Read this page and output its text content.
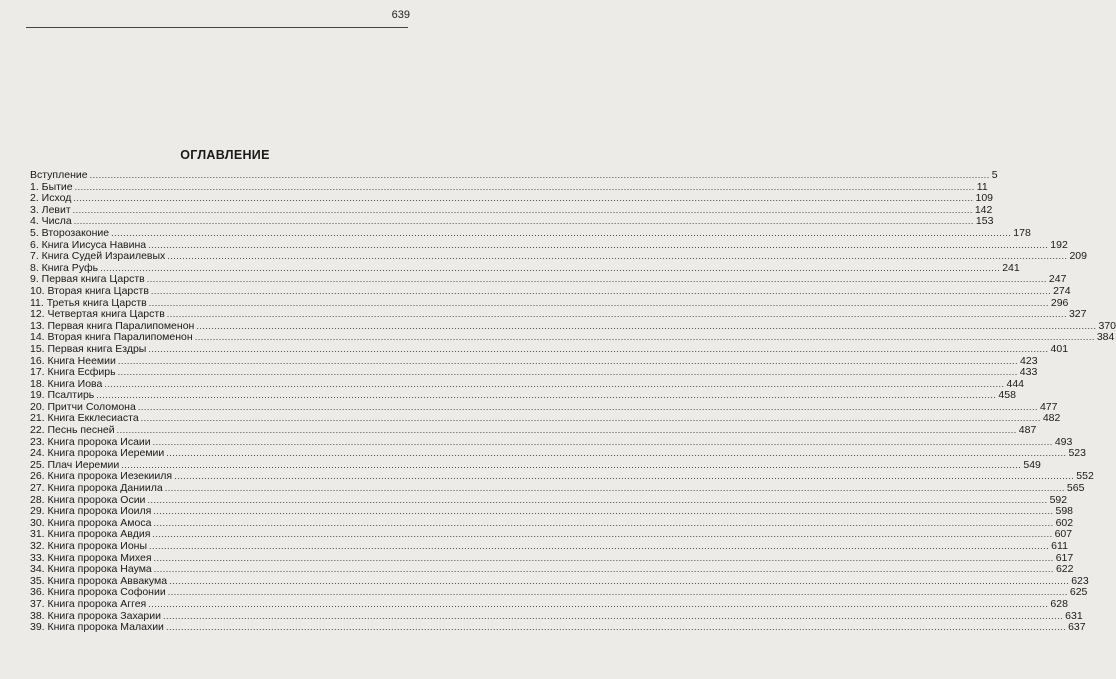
639
ОГЛАВЛЕНИЕ
Вступление ............................................................................................................................................................................................................................................................................................................ 5
1. Бытие ............................................................................................................................................................................................................................................................................................................ 11
2. Исход ............................................................................................................................................................................................................................................................................................................ 109
3. Левит ............................................................................................................................................................................................................................................................................................................ 142
4. Числа ............................................................................................................................................................................................................................................................................................................ 153
5. Второзаконие ............................................................................................................................................................................................................................................................................................................ 178
6. Книга Иисуса Навина ............................................................................................................................................................................................................................................................................................................ 192
7. Книга Судей Израилевых ............................................................................................................................................................................................................................................................................................................ 209
8. Книга Руфь ............................................................................................................................................................................................................................................................................................................ 241
9. Первая книга Царств ............................................................................................................................................................................................................................................................................................................ 247
10. Вторая книга Царств ............................................................................................................................................................................................................................................................................................................ 274
11. Третья книга Царств ............................................................................................................................................................................................................................................................................................................ 296
12. Четвертая книга Царств ............................................................................................................................................................................................................................................................................................................ 327
13. Первая книга Паралипоменон ............................................................................................................................................................................................................................................................................................................ 370
14. Вторая книга Паралипоменон ............................................................................................................................................................................................................................................................................................................ 384
15. Первая книга Ездры ............................................................................................................................................................................................................................................................................................................ 401
16. Книга Неемии ............................................................................................................................................................................................................................................................................................................ 423
17. Книга Есфирь ............................................................................................................................................................................................................................................................................................................ 433
18. Книга Иова ............................................................................................................................................................................................................................................................................................................ 444
19. Псалтирь ............................................................................................................................................................................................................................................................................................................ 458
20. Притчи Соломона ............................................................................................................................................................................................................................................................................................................ 477
21. Книга Екклесиаста ............................................................................................................................................................................................................................................................................................................ 482
22. Песнь песней ............................................................................................................................................................................................................................................................................................................ 487
23. Книга пророка Исаии ............................................................................................................................................................................................................................................................................................................ 493
24. Книга пророка Иеремии ............................................................................................................................................................................................................................................................................................................ 523
25. Плач Иеремии ............................................................................................................................................................................................................................................................................................................ 549
26. Книга пророка Иезекииля ............................................................................................................................................................................................................................................................................................................ 552
27. Книга пророка Даниила ............................................................................................................................................................................................................................................................................................................ 565
28. Книга пророка Осии ............................................................................................................................................................................................................................................................................................................ 592
29. Книга пророка Иоиля ............................................................................................................................................................................................................................................................................................................ 598
30. Книга пророка Амоса ............................................................................................................................................................................................................................................................................................................ 602
31. Книга пророка Авдия ............................................................................................................................................................................................................................................................................................................ 607
32. Книга пророка Ионы ............................................................................................................................................................................................................................................................................................................ 611
33. Книга пророка Михея ............................................................................................................................................................................................................................................................................................................ 617
34. Книга пророка Наума ............................................................................................................................................................................................................................................................................................................ 622
35. Книга пророка Аввакума ............................................................................................................................................................................................................................................................................................................ 623
36. Книга пророка Софонии ............................................................................................................................................................................................................................................................................................................ 625
37. Книга пророка Аггея ............................................................................................................................................................................................................................................................................................................ 628
38. Книга пророка Захарии ............................................................................................................................................................................................................................................................................................................ 631
39. Книга пророка Малахии ............................................................................................................................................................................................................................................................................................................ 637
